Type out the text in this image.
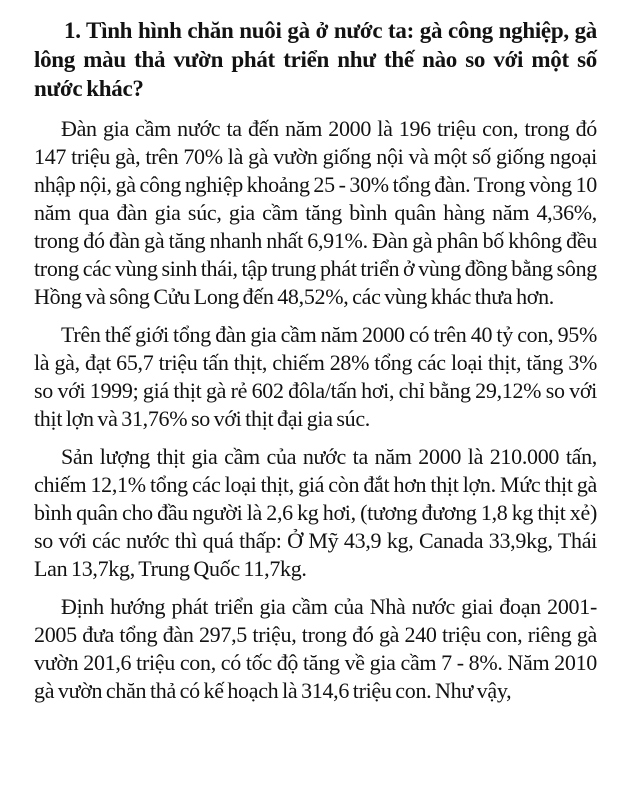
1. Tình hình chăn nuôi gà ở nước ta: gà công nghiệp, gà lông màu thả vườn phát triển như thế nào so với một số nước khác?

Đàn gia cầm nước ta đến năm 2000 là 196 triệu con, trong đó 147 triệu gà, trên 70% là gà vườn giống nội và một số giống ngoại nhập nội, gà công nghiệp khoảng 25 - 30% tổng đàn. Trong vòng 10 năm qua đàn gia súc, gia cầm tăng bình quân hàng năm 4,36%, trong đó đàn gà tăng nhanh nhất 6,91%. Đàn gà phân bố không đều trong các vùng sinh thái, tập trung phát triển ở vùng đồng bằng sông Hồng và sông Cửu Long đến 48,52%, các vùng khác thưa hơn.

Trên thế giới tổng đàn gia cầm năm 2000 có trên 40 tỷ con, 95% là gà, đạt 65,7 triệu tấn thịt, chiếm 28% tổng các loại thịt, tăng 3% so với 1999; giá thịt gà rẻ 602 đôla/tấn hơi, chỉ bằng 29,12% so với thịt lợn và 31,76% so với thịt đại gia súc.

Sản lượng thịt gia cầm của nước ta năm 2000 là 210.000 tấn, chiếm 12,1% tổng các loại thịt, giá còn đắt hơn thịt lợn. Mức thịt gà bình quân cho đầu người là 2,6 kg hơi, (tương đương 1,8 kg thịt xẻ) so với các nước thì quá thấp: Ở Mỹ 43,9 kg, Canada 33,9kg, Thái Lan 13,7kg, Trung Quốc 11,7kg.

Định hướng phát triển gia cầm của Nhà nước giai đoạn 2001-2005 đưa tổng đàn 297,5 triệu, trong đó gà 240 triệu con, riêng gà vườn 201,6 triệu con, có tốc độ tăng về gia cầm 7 - 8%. Năm 2010 gà vườn chăn thả có kế hoạch là 314,6 triệu con. Như vậy,
